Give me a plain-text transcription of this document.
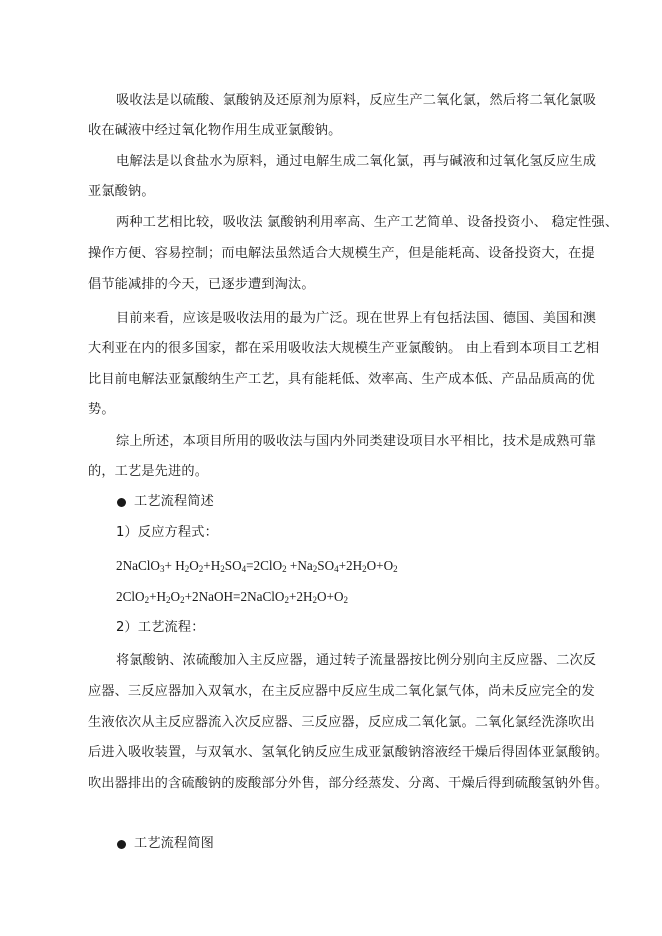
吸收法是以硫酸、氯酸钠及还原剂为原料，反应生产二氧化氯，然后将二氧化氯吸
收在碱液中经过氧化物作用生成亚氯酸钠。
电解法是以食盐水为原料，通过电解生成二氧化氯，再与碱液和过氧化氢反应生成
亚氯酸钠。
两种工艺相比较，吸收法 氯酸钠利用率高、生产工艺简单、设备投资小、 稳定性强、
操作方便、容易控制；而电解法虽然适合大规模生产，但是能耗高、设备投资大，在提
倡节能减排的今天，已逐步遭到淘汰。
目前来看，应该是吸收法用的最为广泛。现在世界上有包括法国、德国、美国和澳
大利亚在内的很多国家，都在采用吸收法大规模生产亚氯酸钠。 由上看到本项目工艺相
比目前电解法亚氯酸纳生产工艺，具有能耗低、效率高、生产成本低、产品品质高的优
势。
综上所述，本项目所用的吸收法与国内外同类建设项目水平相比，技术是成熟可靠
的，工艺是先进的。
工艺流程简述
1）反应方程式：
2NaClO$_3$+ $H_2O_2+H_2SO_4=2ClO_2 +Na_2SO_4+2H_2O+O_2$
$2ClO_2+H_2O_2+2NaOH=2NaClO_2+2H_2O+O_2$
2）工艺流程：
将氯酸钠、浓硫酸加入主反应器，通过转子流量器按比例分别向主反应器、二次反
应器、三反应器加入双氧水，在主反应器中反应生成二氧化氯气体，尚未反应完全的发
生液依次从主反应器流入次反应器、三反应器，反应成二氧化氯。二氧化氯经洗涤吹出
后进入吸收装置，与双氧水、氢氧化钠反应生成亚氯酸钠溶液经干燥后得固体亚氯酸钠。
吹出器排出的含硫酸钠的废酸部分外售，部分经蒸发、分离、干燥后得到硫酸氢钠外售。
工艺流程简图
